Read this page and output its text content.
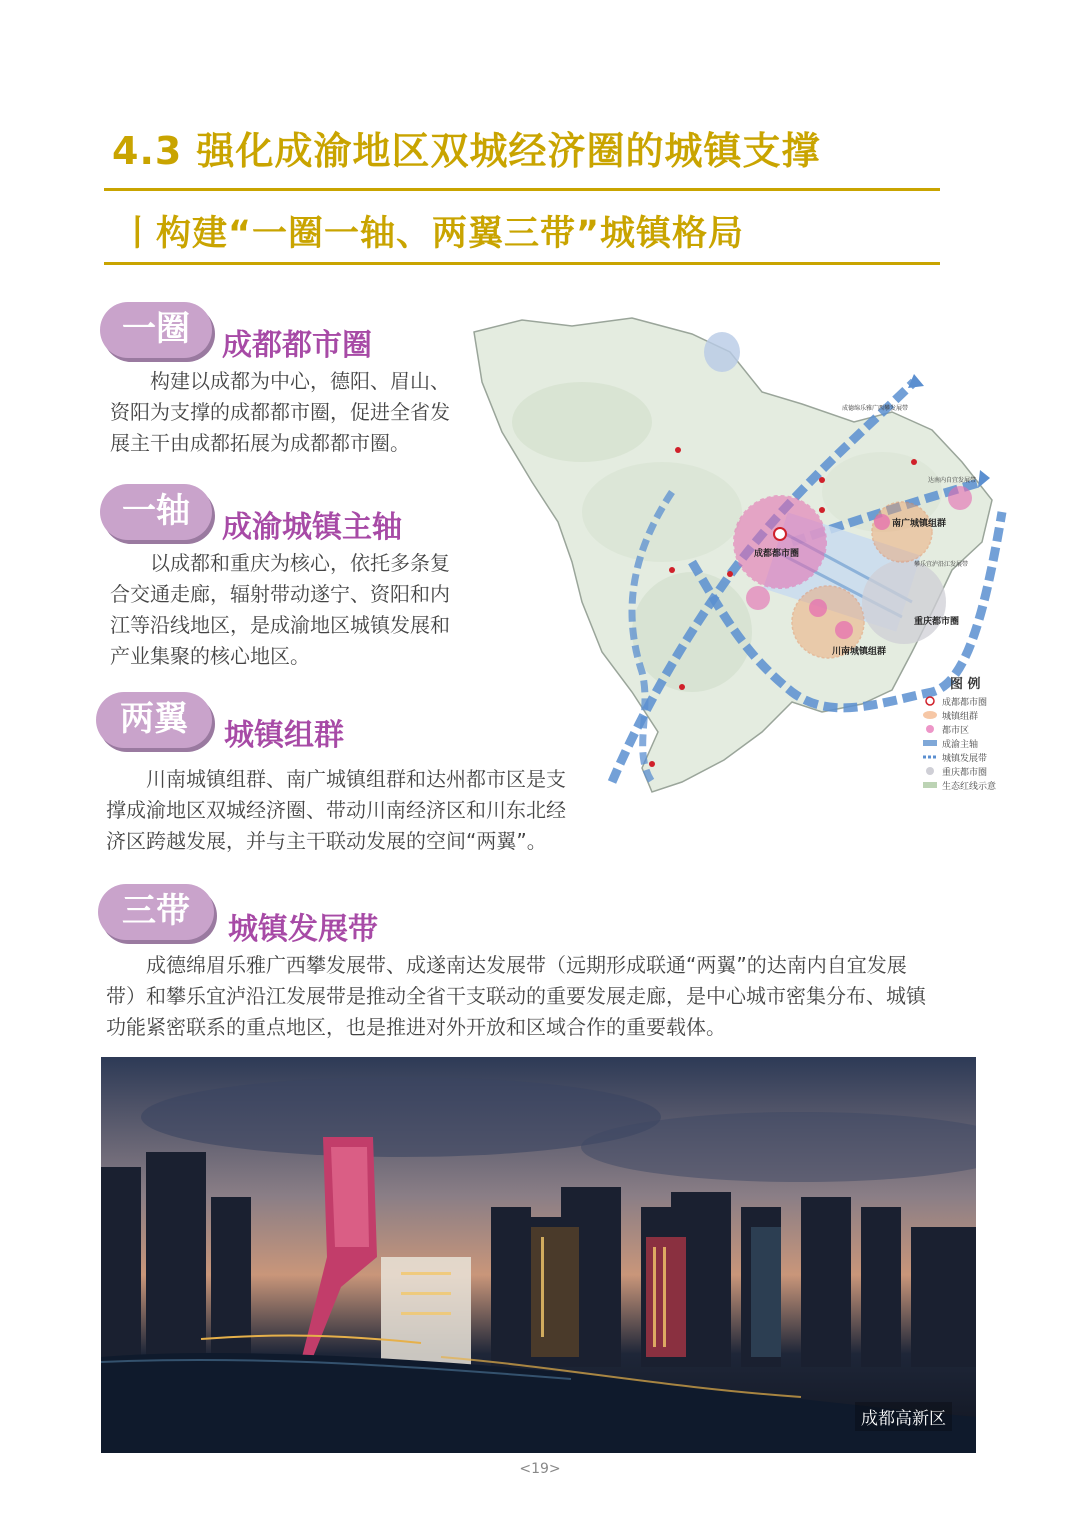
4.3 强化成渝地区双城经济圈的城镇支撑
丨构建“一圈一轴、两翼三带”城镇格局
一圈	成都都市圈
构建以成都为中心，德阳、眉山、资阳为支撑的成都都市圈，促进全省发展主干由成都拓展为成都都市圈。
一轴	成渝城镇主轴
以成都和重庆为核心，依托多条复合交通走廊，辐射带动遂宁、资阳和内江等沿线地区，是成渝地区城镇发展和产业集聚的核心地区。
两翼	城镇组群
川南城镇组群、南广城镇组群和达州都市区是支撑成渝地区双城经济圈、带动川南经济区和川东北经济区跨越发展，并与主干联动发展的空间“两翼”。
三带	城镇发展带
成德绵眉乐雅广西攀发展带、成遂南达发展带（远期形成联通“两翼”的达南内自宜发展带）和攀乐宜泸沿江发展带是推动全省干支联动的重要发展走廊，是中心城市密集分布、城镇功能紧密联系的重点地区，也是推进对外开放和区域合作的重要载体。
重庆都市圈
成都都市圈
南广城镇组群
川南城镇组群
成德绵乐雅广西攀发展带
达南内自宜发展带
攀乐宜泸沿江发展带
图 例
成都都市圈
城镇组群
都市区
成渝主轴
城镇发展带
重庆都市圈
生态红线示意
成都高新区
<19>
